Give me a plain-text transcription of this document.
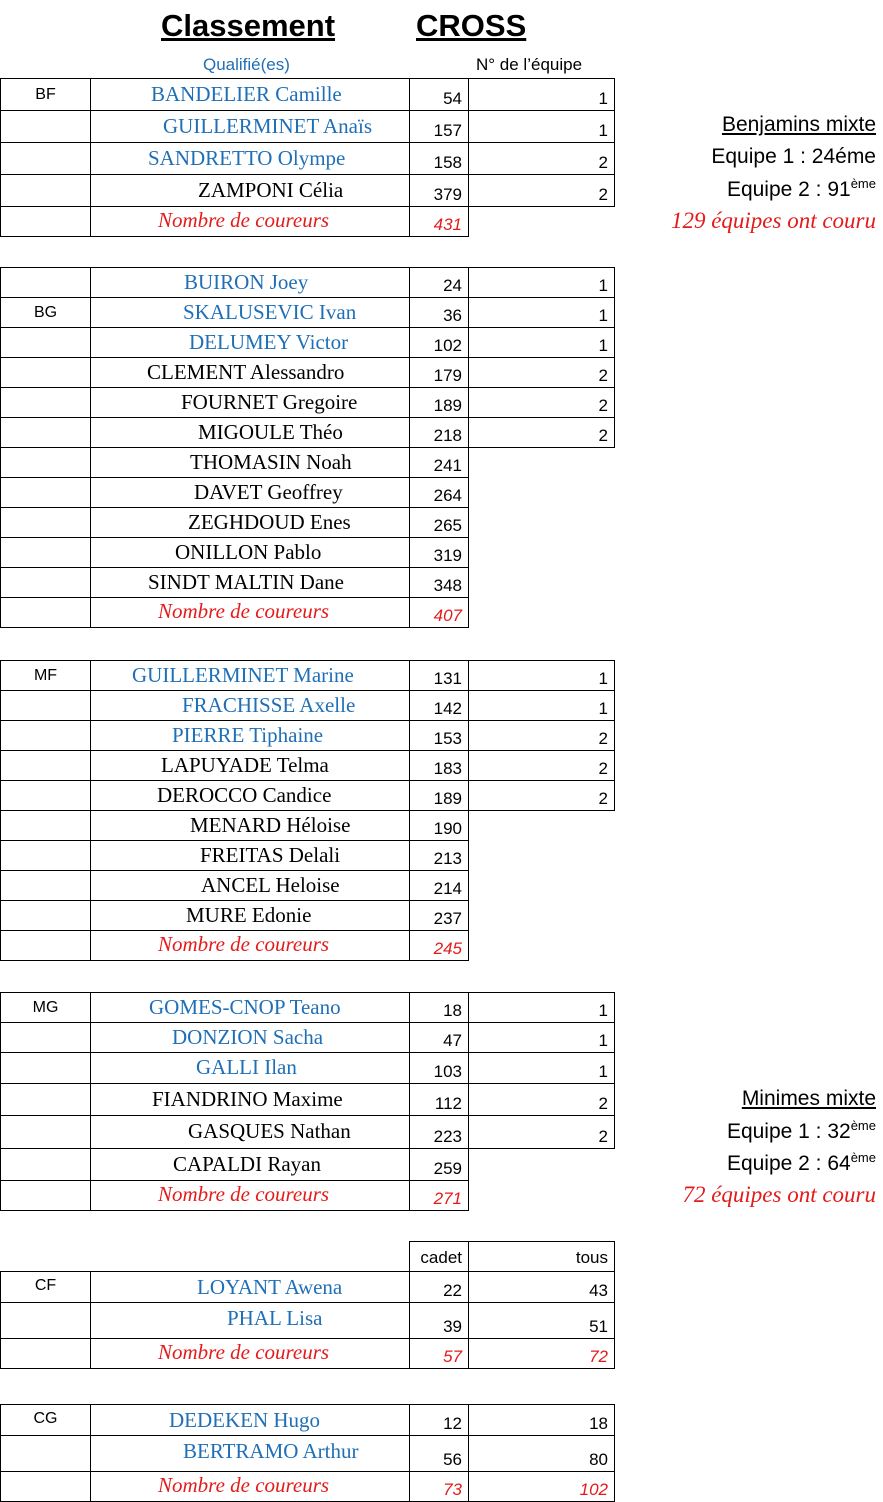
Classement	CROSS
Qualifié(es)	N° de l’équipe
BF	BANDELIER Camille	54	1
GUILLERMINET Anaïs	157	1
SANDRETTO Olympe	158	2
ZAMPONI Célia	379	2
Nombre de coureurs	431
BUIRON Joey	24	1
BG	SKALUSEVIC Ivan	36	1
DELUMEY Victor	102	1
CLEMENT Alessandro	179	2
FOURNET Gregoire	189	2
MIGOULE Théo	218	2
THOMASIN Noah	241
DAVET Geoffrey	264
ZEGHDOUD Enes	265
ONILLON Pablo	319
SINDT MALTIN Dane	348
Nombre de coureurs	407
MF	GUILLERMINET Marine	131	1
FRACHISSE Axelle	142	1
PIERRE Tiphaine	153	2
LAPUYADE Telma	183	2
DEROCCO Candice	189	2
MENARD Héloise	190
FREITAS Delali	213
ANCEL Heloise	214
MURE Edonie	237
Nombre de coureurs	245
MG	GOMES-CNOP Teano	18	1
DONZION Sacha	47	1
GALLI Ilan	103	1
FIANDRINO Maxime	112	2
GASQUES Nathan	223	2
CAPALDI Rayan	259
Nombre de coureurs	271
cadet	tous
CF	LOYANT Awena	22	43
PHAL Lisa	39	51
Nombre de coureurs	57	72
CG	DEDEKEN Hugo	12	18
BERTRAMO Arthur	56	80
Nombre de coureurs	73	102
Benjamins mixte
Equipe 1 : 24éme
Equipe 2 : 91ème
129 équipes ont couru
Minimes mixte
Equipe 1 : 32ème
Equipe 2 : 64ème
72 équipes ont couru
